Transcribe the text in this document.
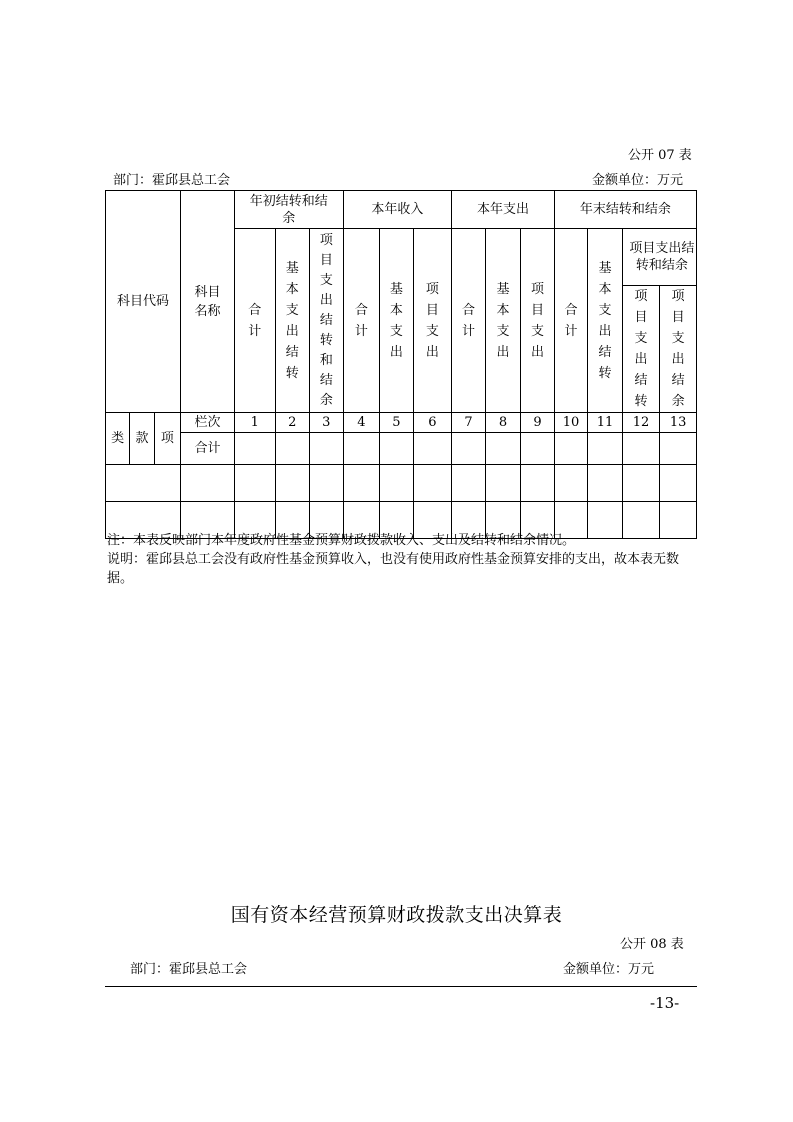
公开 07 表
部门：霍邱县总工会	金额单位：万元
科目代码			科目名称	年初结转和结余			本年收入			本年支出			年末结转和结余			
				合计	基本支出结转	项目支出结转和结余	合计	基本支出	项目支出	合计	基本支出	项目支出	合计	基本支出结转	项目支出结转和结余	
															项目支出结转	项目支出结余

类	款	项	栏次	1	2	3	4	5	6	7	8	9	10	11	12	13
			合计													

注：本表反映部门本年度政府性基金预算财政拨款收入、支出及结转和结余情况。
说明：霍邱县总工会没有政府性基金预算收入，也没有使用政府性基金预算安排的支出，故本表无数据。
国有资本经营预算财政拨款支出决算表
公开 08 表
部门：霍邱县总工会	金额单位：万元
-13-
